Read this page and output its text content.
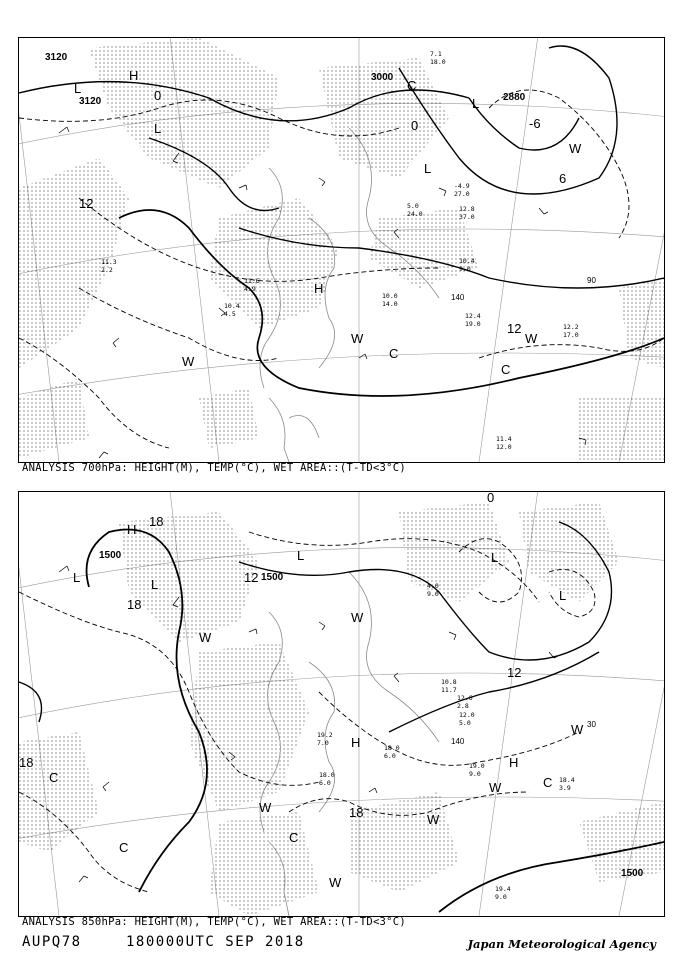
140
90
3120
3120
3000
2880
-6
0
0
6
12
12
L
H
L
L
L
H
C
W
W
W
C
C
W
12.8
37.0
5.0
24.0
10.4
9.0
10.0
14.0
12.4
19.0	12.2
17.0
11.4
12.0
11.6
4.9
10.4
4.5
-4.9
27.0
7.1
18.0
11.3
2.2
ANALYSIS 700hPa: HEIGHT(M), TEMP(°C), WET AREA::(T-TD<3°C)
140
30
1500
1500
1500
18
12
18
18
18
12
0
H
L	L
L	L
L
H
H
C
W
C
W
W
W
W	C
C
W
W
10.8
11.7
18.0
6.0
19.0
9.0
18.4
3.9
19.4
9.0
4.0
9.0
18.0
6.0
12.6
2.8
19.2
7.0
12.0
5.0
ANALYSIS 850hPa: HEIGHT(M), TEMP(°C), WET AREA::(T-TD<3°C)
AUPQ78	180000UTC SEP 2018	Japan Meteorological Agency
